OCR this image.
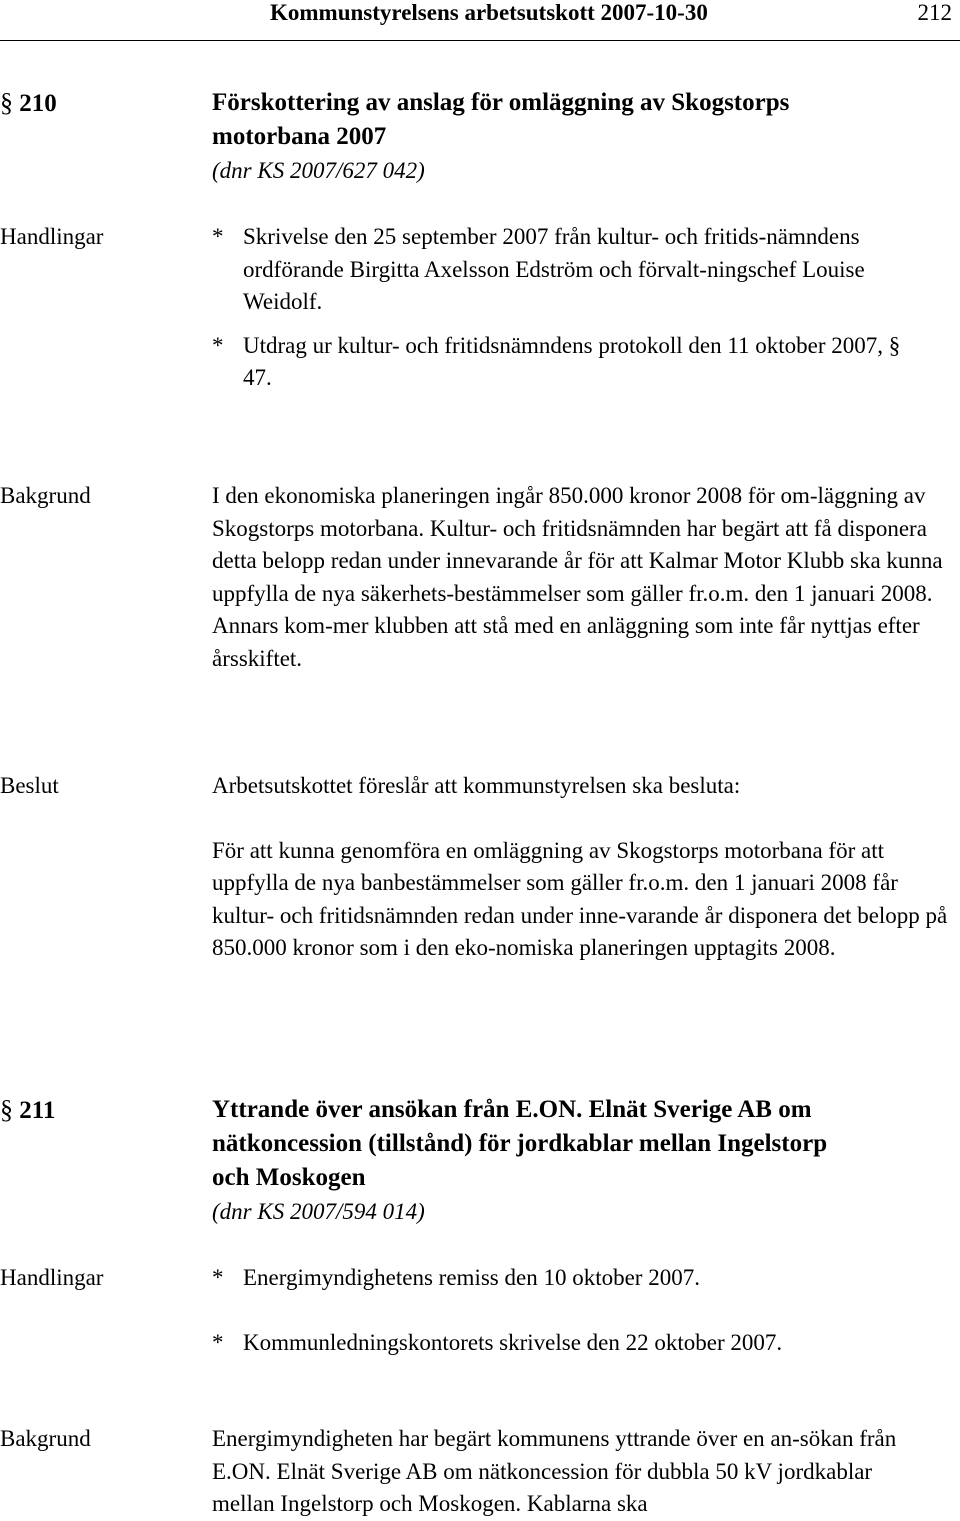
Kommunstyrelsens arbetsutskott 2007-10-30	212
§ 210	Förskottering av anslag för omläggning av Skogstorps
motorbana 2007
(dnr KS 2007/627 042)
Handlingar	* Skrivelse den 25 september 2007 från kultur- och fritids-nämndens ordförande Birgitta Axelsson Edström och förvalt-ningschef Louise Weidolf.
* Utdrag ur kultur- och fritidsnämndens protokoll den 11 oktober 2007, § 47.
Bakgrund	I den ekonomiska planeringen ingår 850.000 kronor 2008 för om-läggning av Skogstorps motorbana. Kultur- och fritidsnämnden har begärt att få disponera detta belopp redan under innevarande år för att Kalmar Motor Klubb ska kunna uppfylla de nya säkerhets-bestämmelser som gäller fr.o.m. den 1 januari 2008. Annars kom-mer klubben att stå med en anläggning som inte får nyttjas efter årsskiftet.
Beslut	Arbetsutskottet föreslår att kommunstyrelsen ska besluta:

För att kunna genomföra en omläggning av Skogstorps motorbana för att uppfylla de nya banbestämmelser som gäller fr.o.m. den 1 januari 2008 får kultur- och fritidsnämnden redan under inne-varande år disponera det belopp på 850.000 kronor som i den eko-nomiska planeringen upptagits 2008.

§ 211	Yttrande över ansökan från E.ON. Elnät Sverige AB om
nätkoncession (tillstånd) för jordkablar mellan Ingelstorp
och Moskogen
(dnr KS 2007/594 014)
Handlingar	* Energimyndighetens remiss den 10 oktober 2007.
* Kommunledningskontorets skrivelse den 22 oktober 2007.
Bakgrund	Energimyndigheten har begärt kommunens yttrande över en an-sökan från E.ON. Elnät Sverige AB om nätkoncession för dubbla 50 kV jordkablar mellan Ingelstorp och Moskogen. Kablarna ska
